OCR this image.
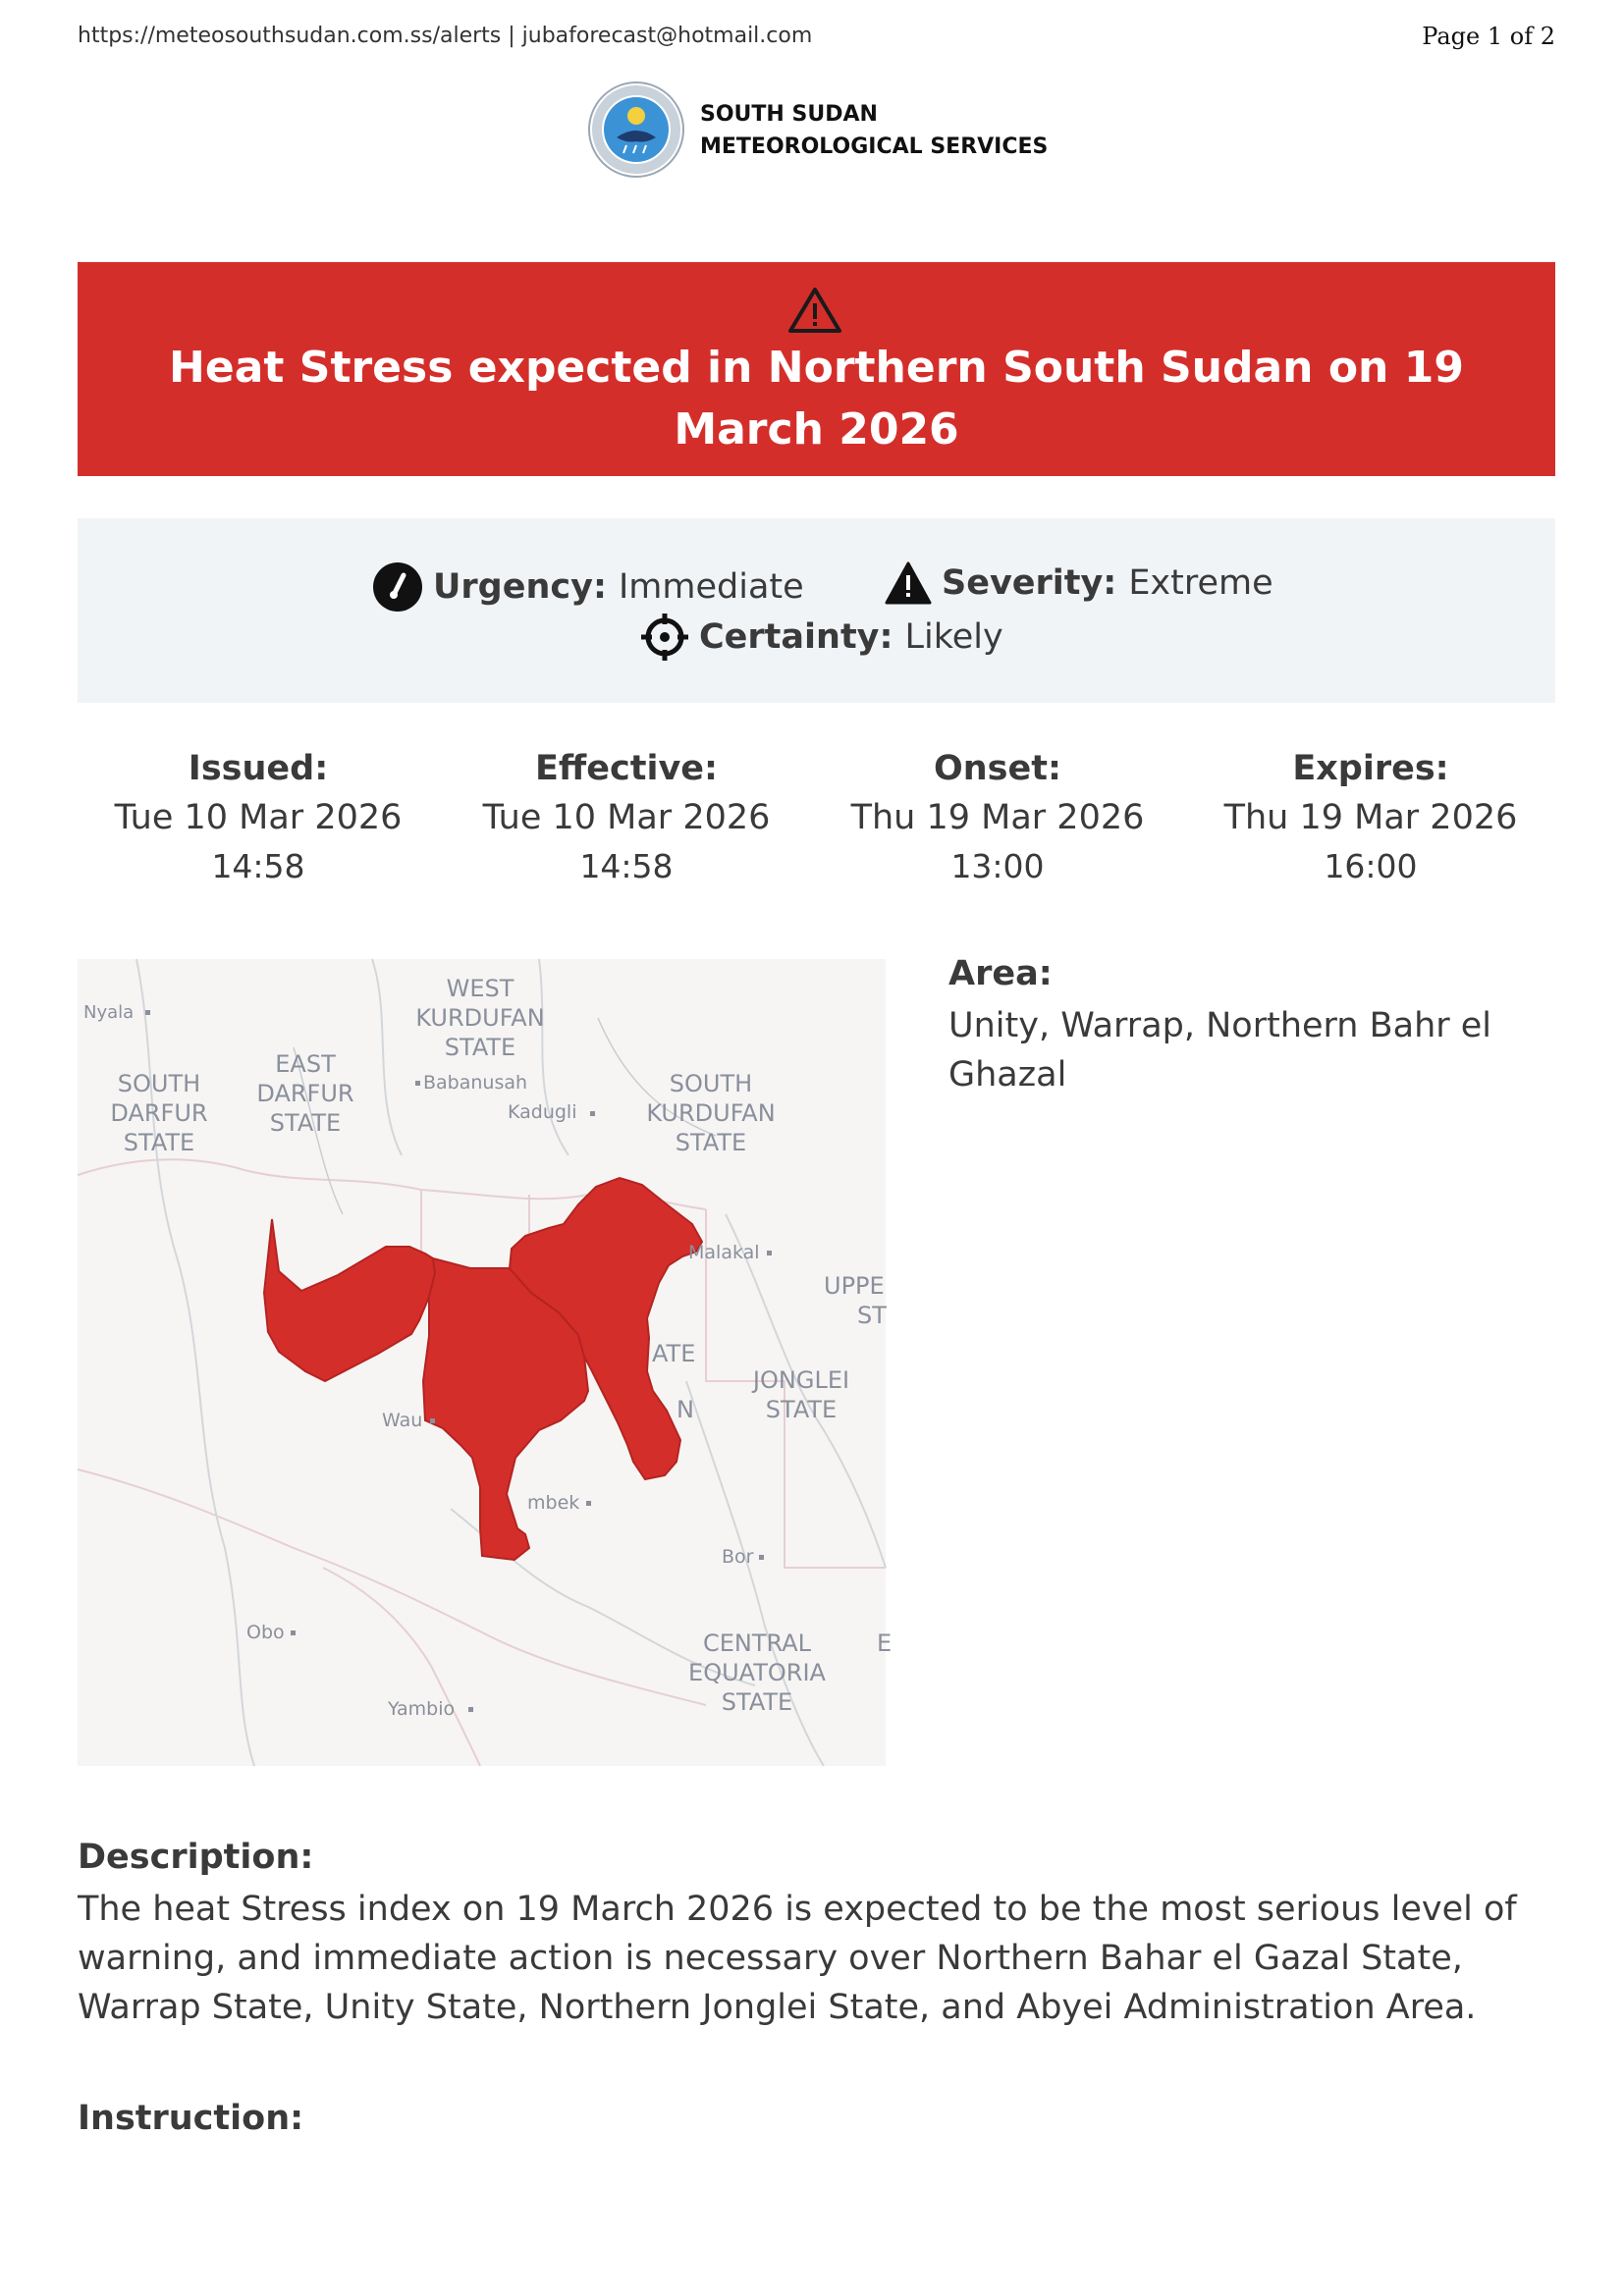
https://meteosouthsudan.com.ss/alerts | jubaforecast@hotmail.com	Page 1 of 2
SOUTH SUDAN
METEOROLOGICAL SERVICES
Heat Stress expected in Northern South Sudan on 19 March 2026
Urgency: Immediate	Severity: Extreme
Certainty: Likely
Issued:
Tue 10 Mar 2026
14:58
Effective:
Tue 10 Mar 2026
14:58
Onset:
Thu 19 Mar 2026
13:00
Expires:
Thu 19 Mar 2026
16:00
Nyala
WEST
KURDUFAN
STATE
EAST
DARFUR
STATE
SOUTH
DARFUR
STATE
Babanusah
Kadugli
SOUTH
KURDUFAN
STATE
Malakal
UPPE
ST
ATE
N
JONGLEI
STATE
Wau
mbek
Bor
Obo	CENTRAL
EQUATORIA
STATE
E
Yambio
Area:
Unity, Warrap, Northern Bahr el Ghazal
Description:
The heat Stress index on 19 March 2026 is expected to be the most serious level of warning, and immediate action is necessary over Northern Bahar el Gazal State, Warrap State, Unity State, Northern Jonglei State, and Abyei Administration Area.
Instruction:
